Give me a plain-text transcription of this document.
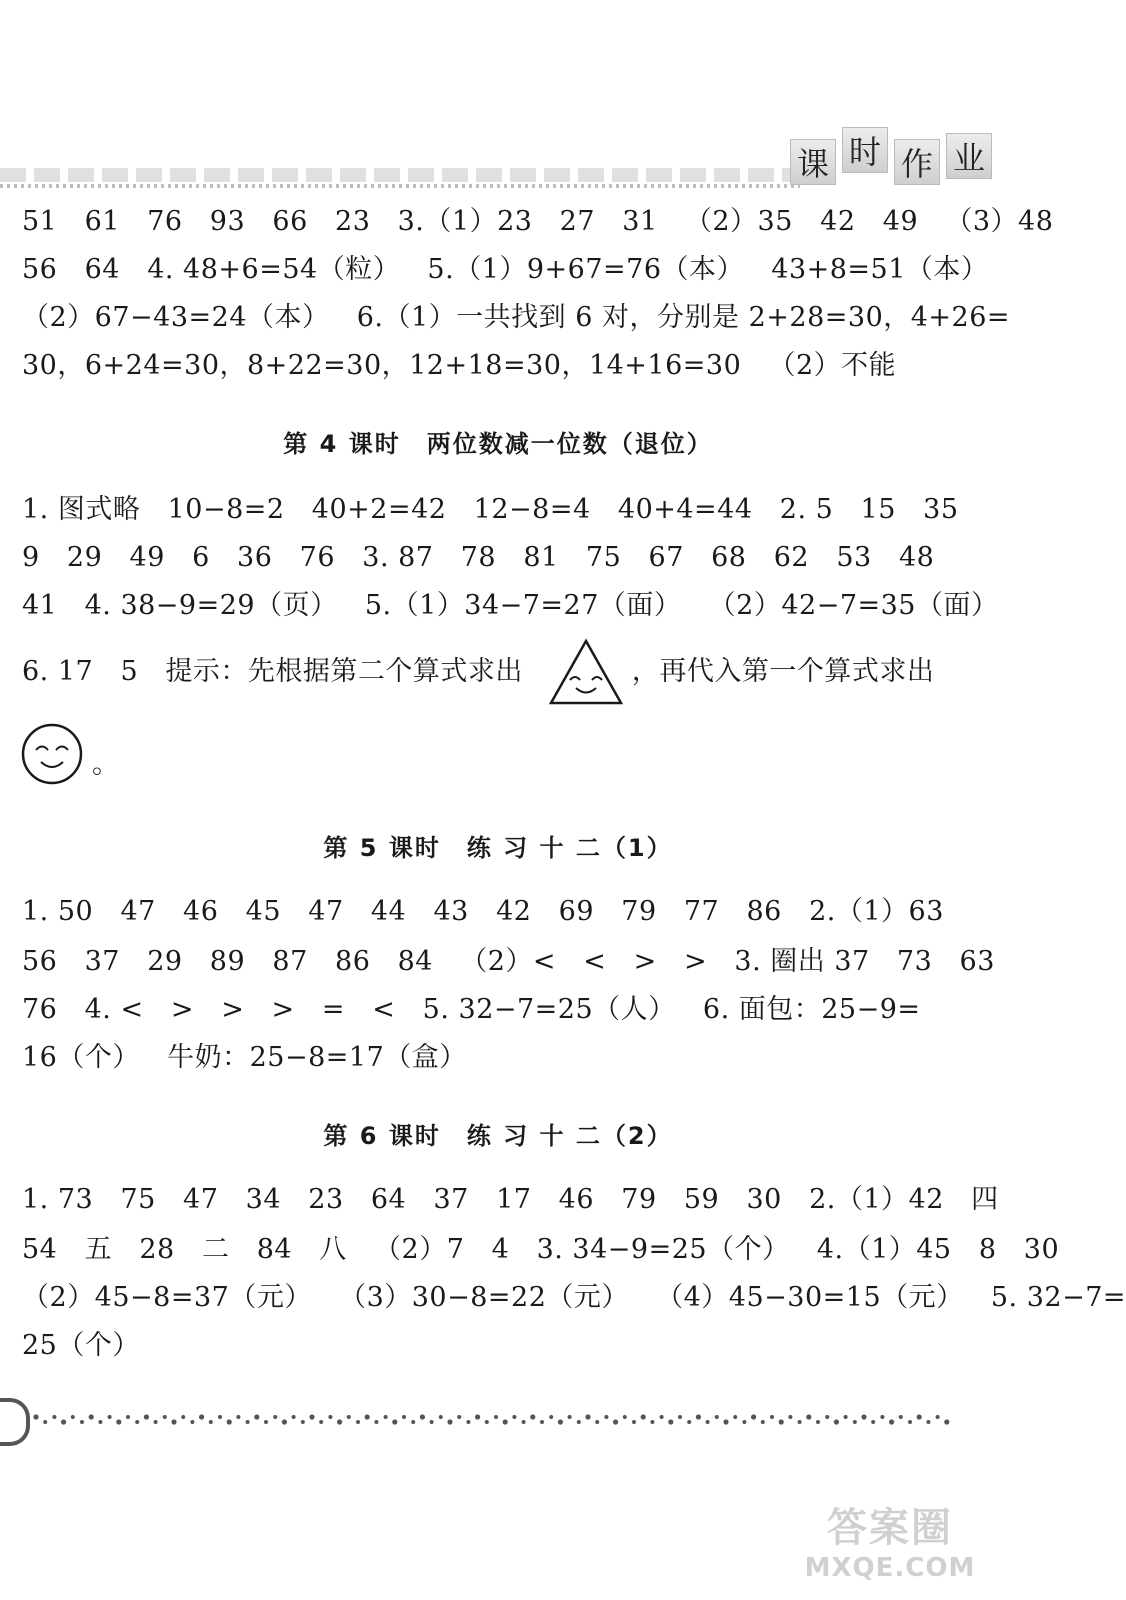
课 时 作 业
51   61   76   93   66   23   3.（1）23   27   31   （2）35   42   49   （3）48
56   64   4. 48+6=54（粒）   5.（1）9+67=76（本）   43+8=51（本）
（2）67−43=24（本）   6.（1）一共找到 6 对，分别是 2+28=30，4+26=
30，6+24=30，8+22=30，12+18=30，14+16=30   （2）不能
第 4 课时　两位数减一位数（退位）
1. 图式略   10−8=2   40+2=42   12−8=4   40+4=44   2. 5   15   35
9   29   49   6   36   76   3. 87   78   81   75   67   68   62   53   48
41   4. 38−9=29（页）   5.（1）34−7=27（面）   （2）42−7=35（面）
6. 17   5   提示：先根据第二个算式求出            ，再代入第一个算式求出
。
第 5 课时　练 习 十 二（1）
1. 50   47   46   45   47   44   43   42   69   79   77   86   2.（1）63
56   37   29   89   87   86   84   （2）<   <   >   >   3. 圈出 37   73   63
76   4. <   >   >   >   =   <   5. 32−7=25（人）   6. 面包：25−9=
16（个）   牛奶：25−8=17（盒）
第 6 课时　练 习 十 二（2）
1. 73   75   47   34   23   64   37   17   46   79   59   30   2.（1）42   四
54   五   28   二   84   八   （2）7   4   3. 34−9=25（个）   4.（1）45   8   30
（2）45−8=37（元）   （3）30−8=22（元）   （4）45−30=15（元）   5. 32−7=
25（个）
答案圈
MXQE.COM
